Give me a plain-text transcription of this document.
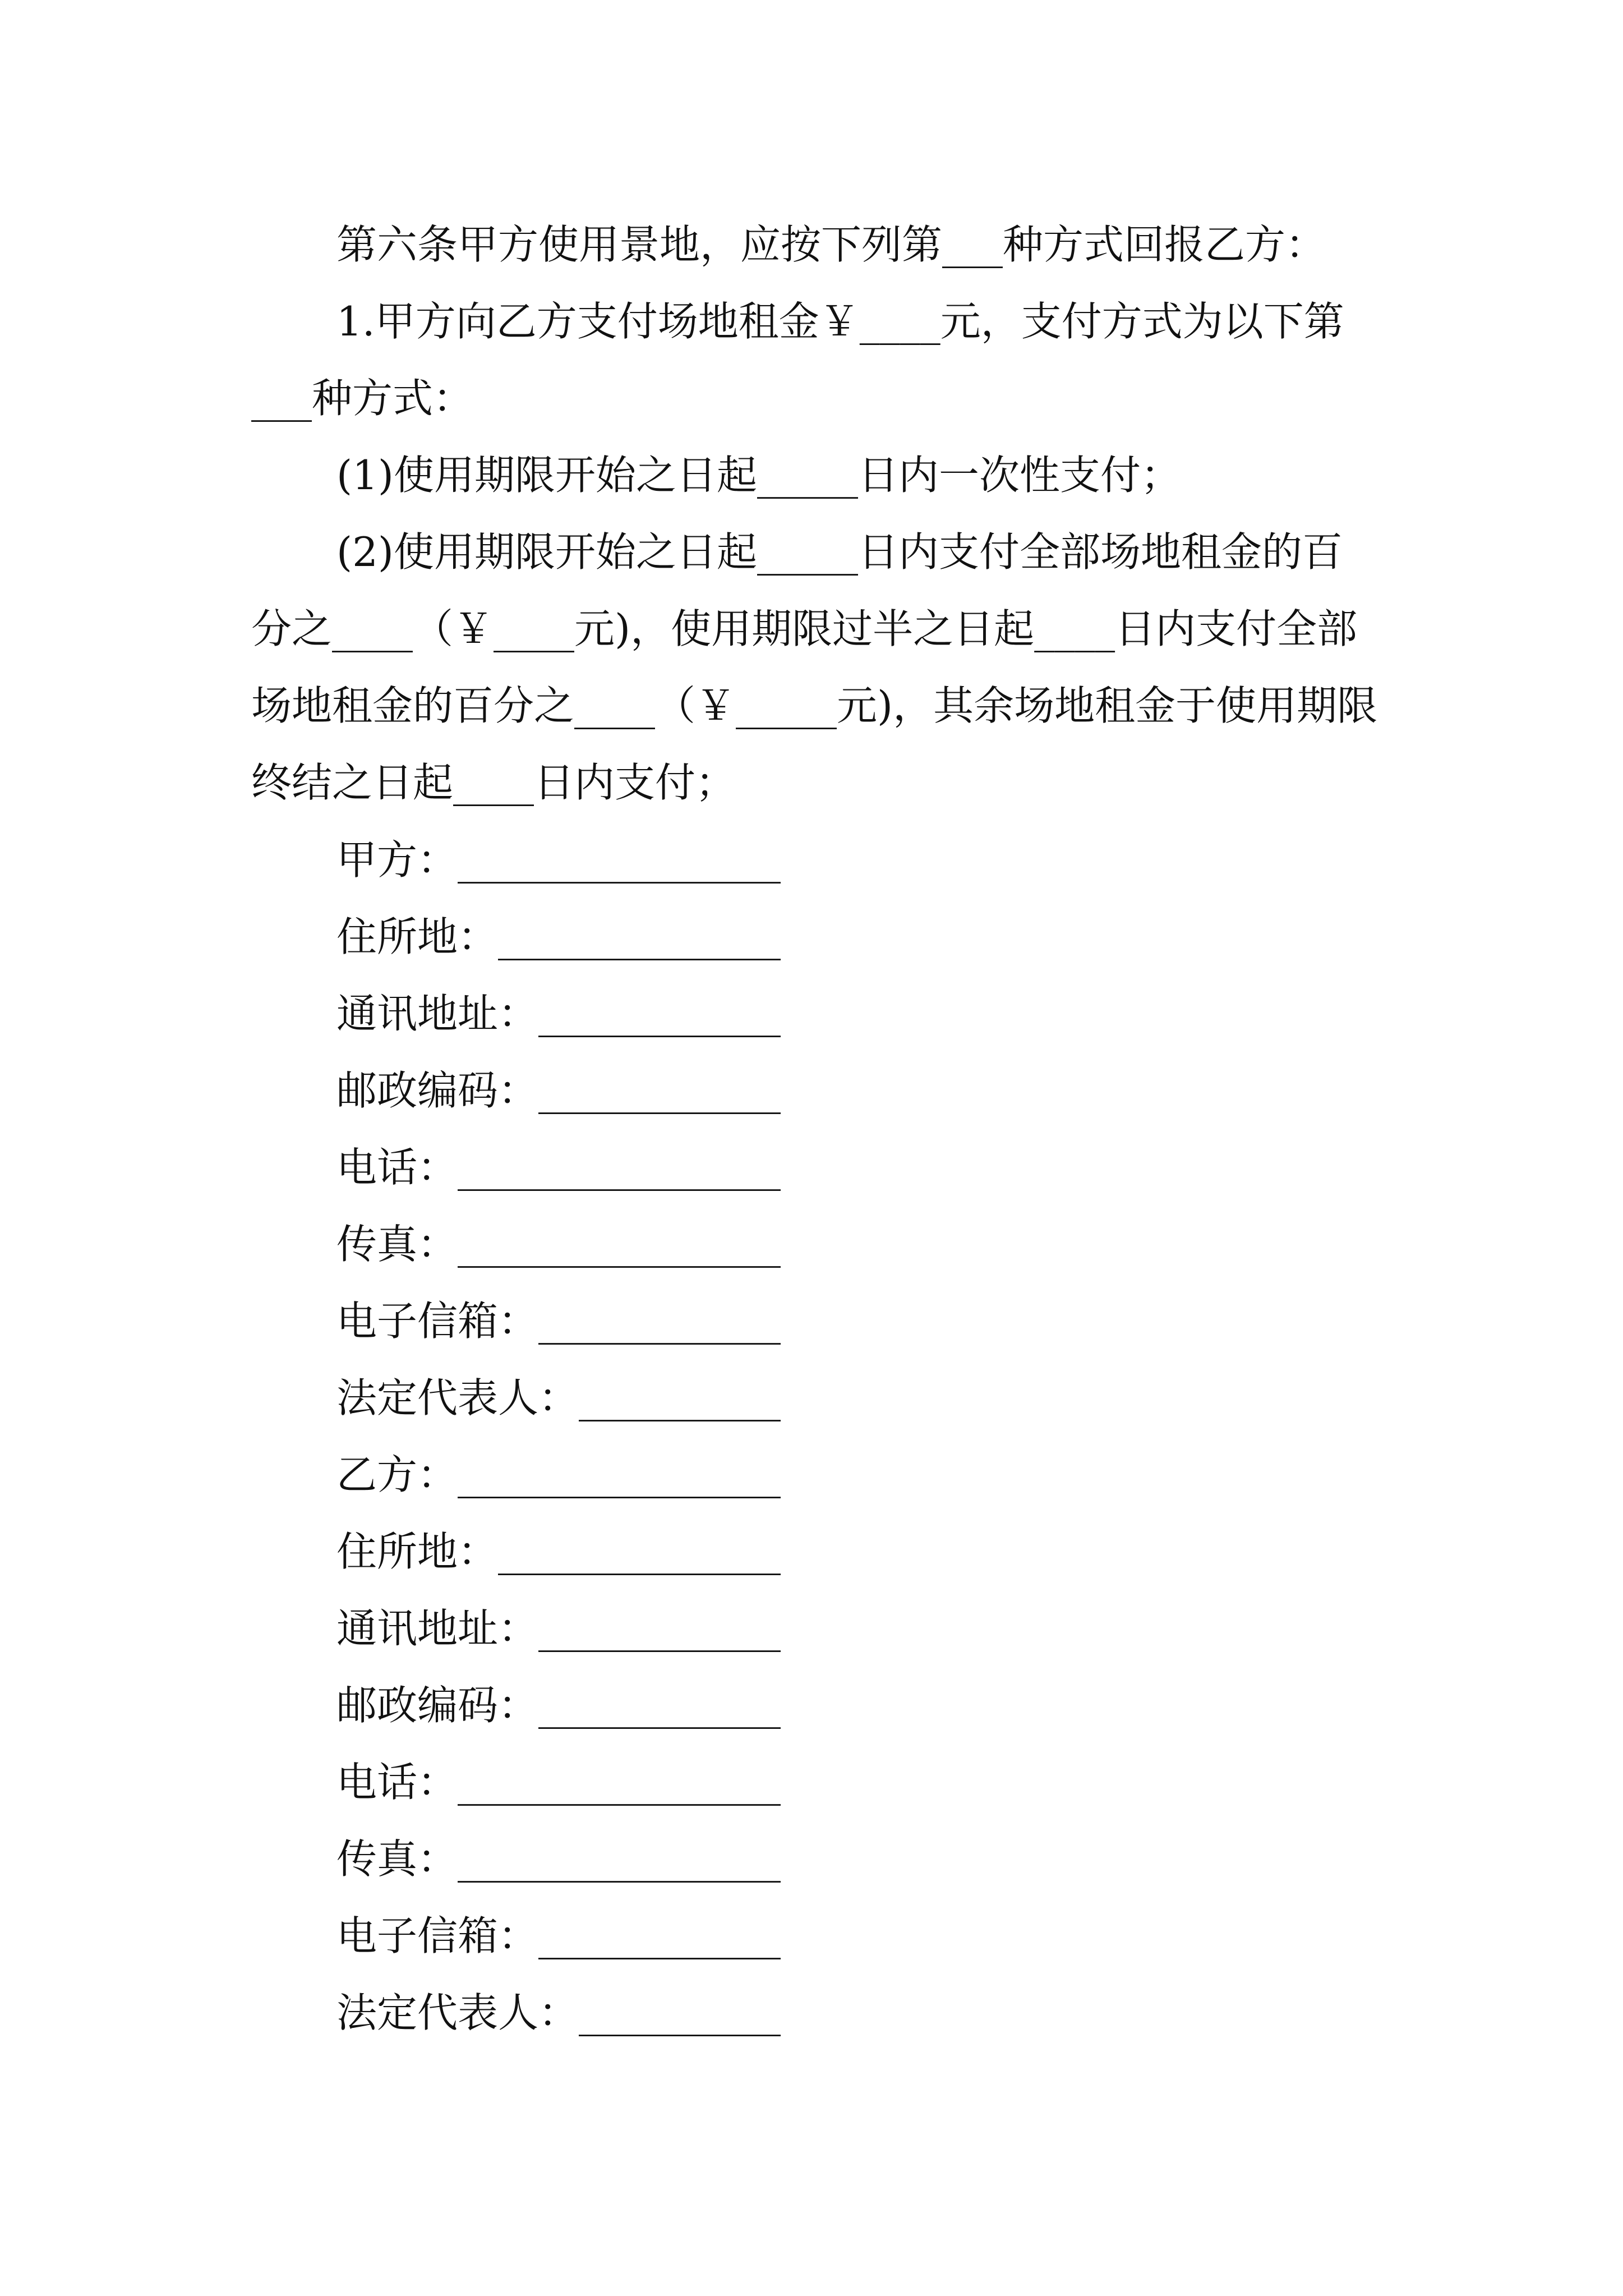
第六条甲方使用景地，应按下列第___种方式回报乙方：

1.甲方向乙方支付场地租金￥____元，支付方式为以下第___种方式：

(1)使用期限开始之日起_____日内一次性支付；

(2)使用期限开始之日起_____日内支付全部场地租金的百分之____（￥____元)，使用期限过半之日起____日内支付全部场地租金的百分之____（￥_____元)，其余场地租金于使用期限终结之日起____日内支付；

甲方： ________________
住所地： ______________
通讯地址： ____________
邮政编码： ____________
电话： ________________
传真： ________________
电子信箱： ____________
法定代表人： __________
乙方： ________________
住所地： ______________
通讯地址： ____________
邮政编码： ____________
电话： ________________
传真： ________________
电子信箱： ____________
法定代表人： __________
